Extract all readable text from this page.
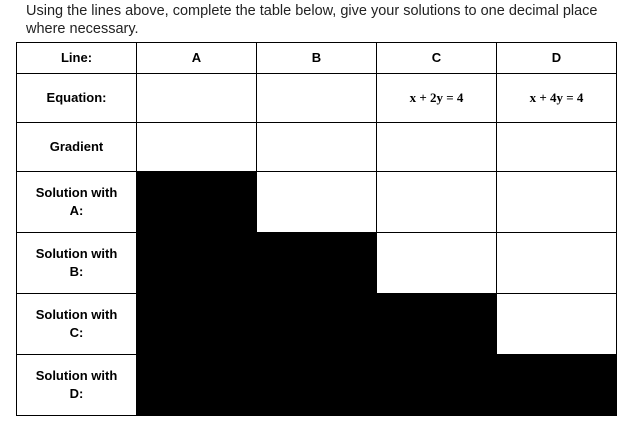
Using the lines above, complete the table below, give your solutions to one decimal place where necessary.
Line:	A	B	C	D
Equation:			x + 2y = 4	x + 4y = 4
Gradient				

Solution with
A:				

Solution with
B:				

Solution with
C:				

Solution with
D:				
